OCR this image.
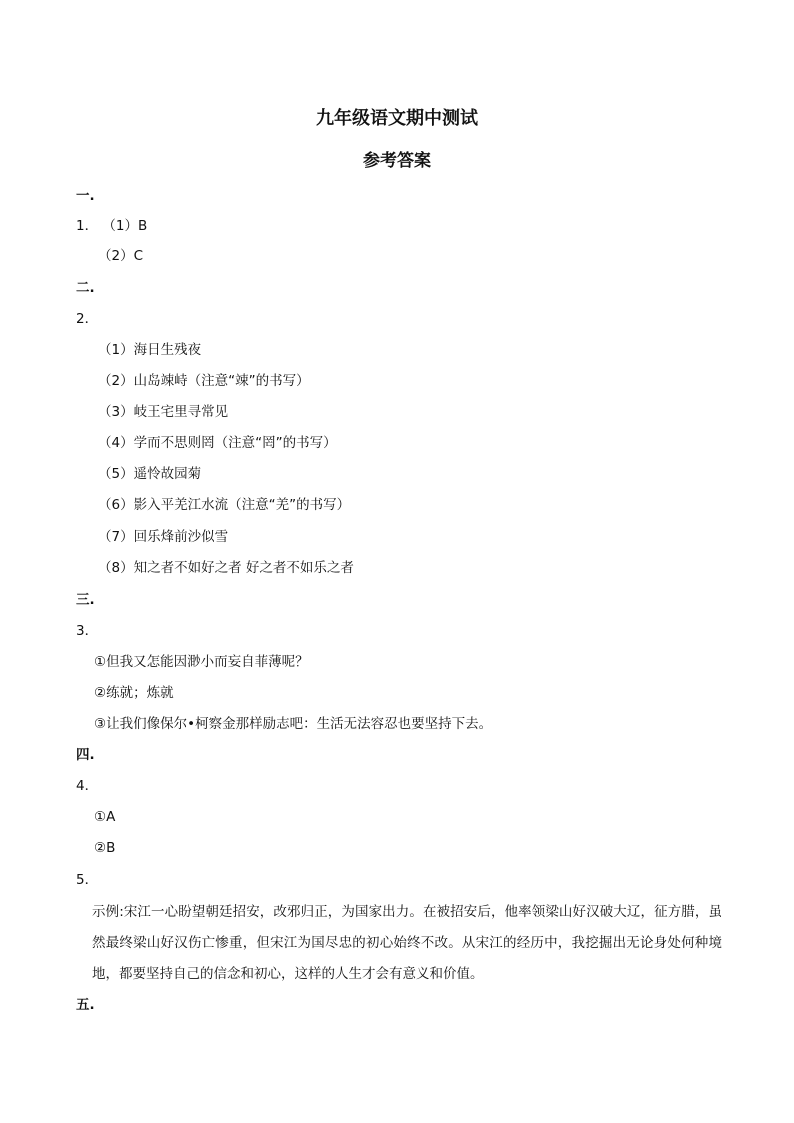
九年级语文期中测试
参考答案
一.
1． （1）B
（2）C
二.
2．
（1）海日生残夜
（2）山岛竦峙（注意“竦”的书写）
（3）岐王宅里寻常见
（4）学而不思则罔（注意“罔”的书写）
（5）遥怜故园菊
（6）影入平羌江水流（注意“羌”的书写）
（7）回乐烽前沙似雪
（8）知之者不如好之者 好之者不如乐之者
三.
3．
①但我又怎能因渺小而妄自菲薄呢？
②练就；炼就
③让我们像保尔•柯察金那样励志吧：生活无法容忍也要坚持下去。
四.
4．
①A
②B
5．
示例:宋江一心盼望朝廷招安，改邪归正，为国家出力。在被招安后，他率领梁山好汉破大辽，征方腊，虽然最终梁山好汉伤亡惨重，但宋江为国尽忠的初心始终不改。从宋江的经历中，我挖掘出无论身处何种境地，都要坚持自己的信念和初心，这样的人生才会有意义和价值。
五.
